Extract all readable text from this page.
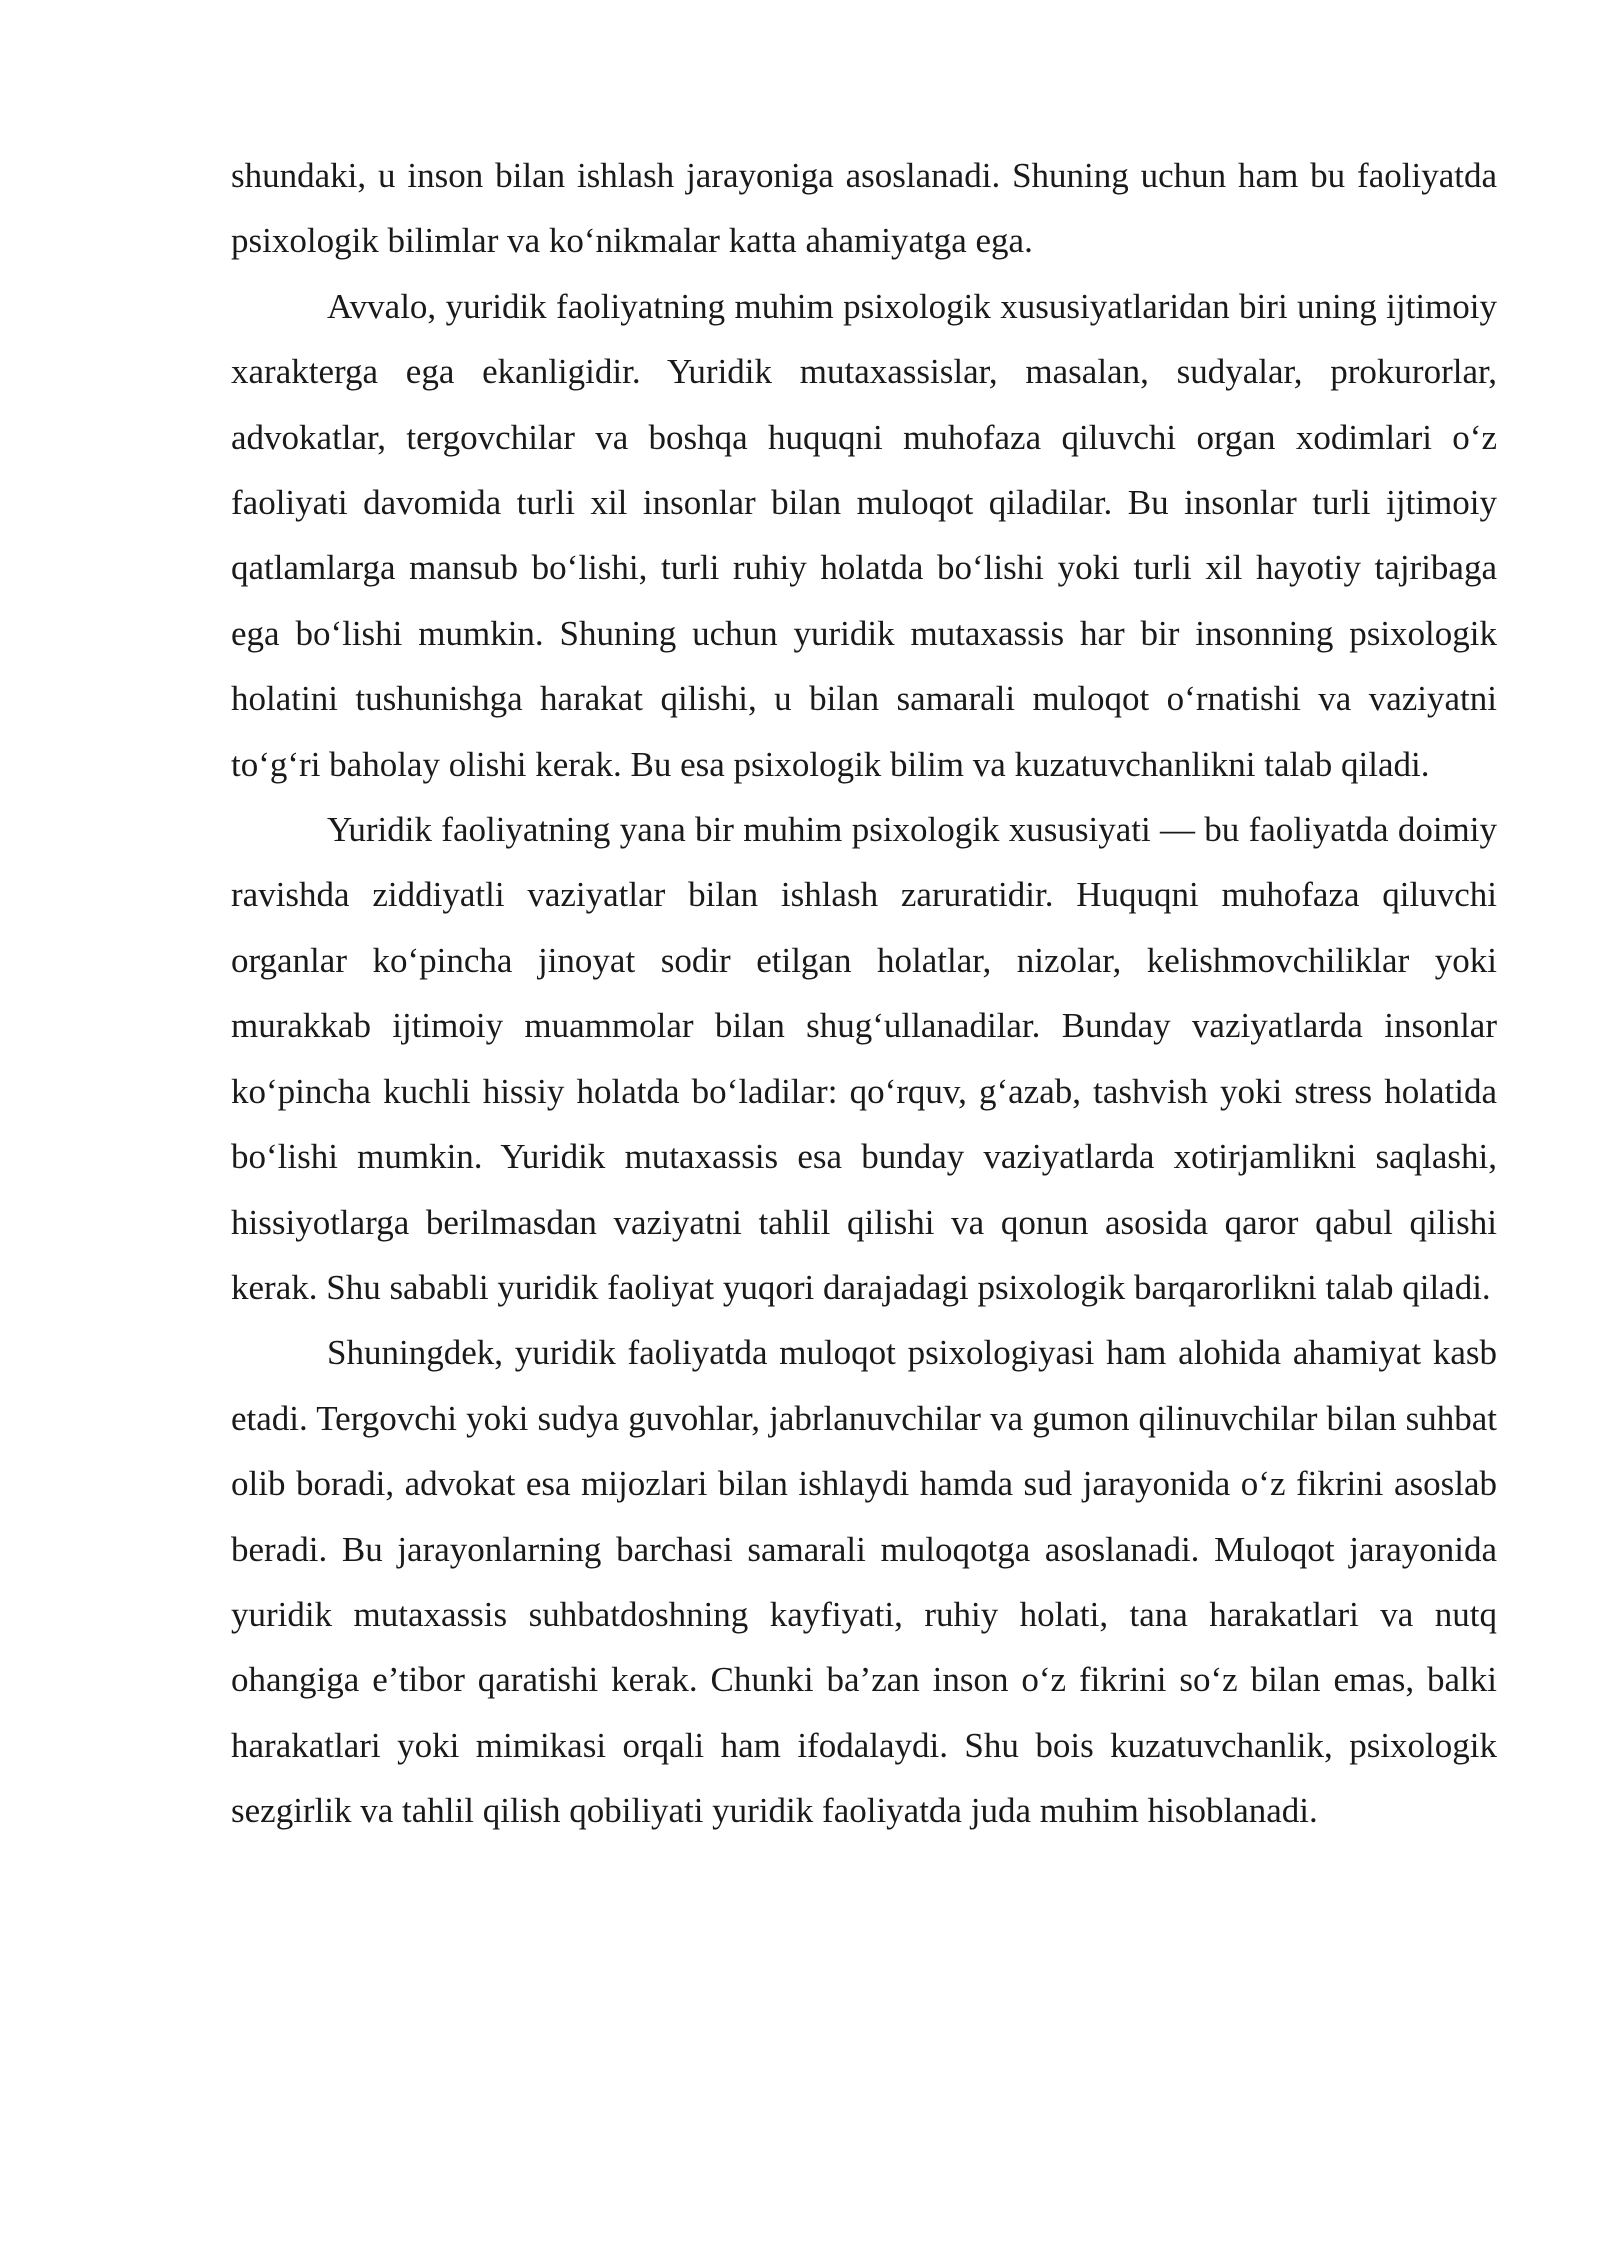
shundaki, u inson bilan ishlash jarayoniga asoslanadi. Shuning uchun ham bu faoliyatda psixologik bilimlar va ko‘nikmalar katta ahamiyatga ega.

Avvalo, yuridik faoliyatning muhim psixologik xususiyatlaridan biri uning ijtimoiy xarakterga ega ekanligidir. Yuridik mutaxassislar, masalan, sudyalar, prokurorlar, advokatlar, tergovchilar va boshqa huquqni muhofaza qiluvchi organ xodimlari o‘z faoliyati davomida turli xil insonlar bilan muloqot qiladilar. Bu insonlar turli ijtimoiy qatlamlarga mansub bo‘lishi, turli ruhiy holatda bo‘lishi yoki turli xil hayotiy tajribaga ega bo‘lishi mumkin. Shuning uchun yuridik mutaxassis har bir insonning psixologik holatini tushunishga harakat qilishi, u bilan samarali muloqot o‘rnatishi va vaziyatni to‘g‘ri baholay olishi kerak. Bu esa psixologik bilim va kuzatuvchanlikni talab qiladi.

Yuridik faoliyatning yana bir muhim psixologik xususiyati — bu faoliyatda doimiy ravishda ziddiyatli vaziyatlar bilan ishlash zaruratidir. Huquqni muhofaza qiluvchi organlar ko‘pincha jinoyat sodir etilgan holatlar, nizolar, kelishmovchiliklar yoki murakkab ijtimoiy muammolar bilan shug‘ullanadilar. Bunday vaziyatlarda insonlar ko‘pincha kuchli hissiy holatda bo‘ladilar: qo‘rquv, g‘azab, tashvish yoki stress holatida bo‘lishi mumkin. Yuridik mutaxassis esa bunday vaziyatlarda xotirjamlikni saqlashi, hissiyotlarga berilmasdan vaziyatni tahlil qilishi va qonun asosida qaror qabul qilishi kerak. Shu sababli yuridik faoliyat yuqori darajadagi psixologik barqarorlikni talab qiladi.

Shuningdek, yuridik faoliyatda muloqot psixologiyasi ham alohida ahamiyat kasb etadi. Tergovchi yoki sudya guvohlar, jabrlanuvchilar va gumon qilinuvchilar bilan suhbat olib boradi, advokat esa mijozlari bilan ishlaydi hamda sud jarayonida o‘z fikrini asoslab beradi. Bu jarayonlarning barchasi samarali muloqotga asoslanadi. Muloqot jarayonida yuridik mutaxassis suhbatdoshning kayfiyati, ruhiy holati, tana harakatlari va nutq ohangiga e’tibor qaratishi kerak. Chunki ba’zan inson o‘z fikrini so‘z bilan emas, balki harakatlari yoki mimikasi orqali ham ifodalaydi. Shu bois kuzatuvchanlik, psixologik sezgirlik va tahlil qilish qobiliyati yuridik faoliyatda juda muhim hisoblanadi.
